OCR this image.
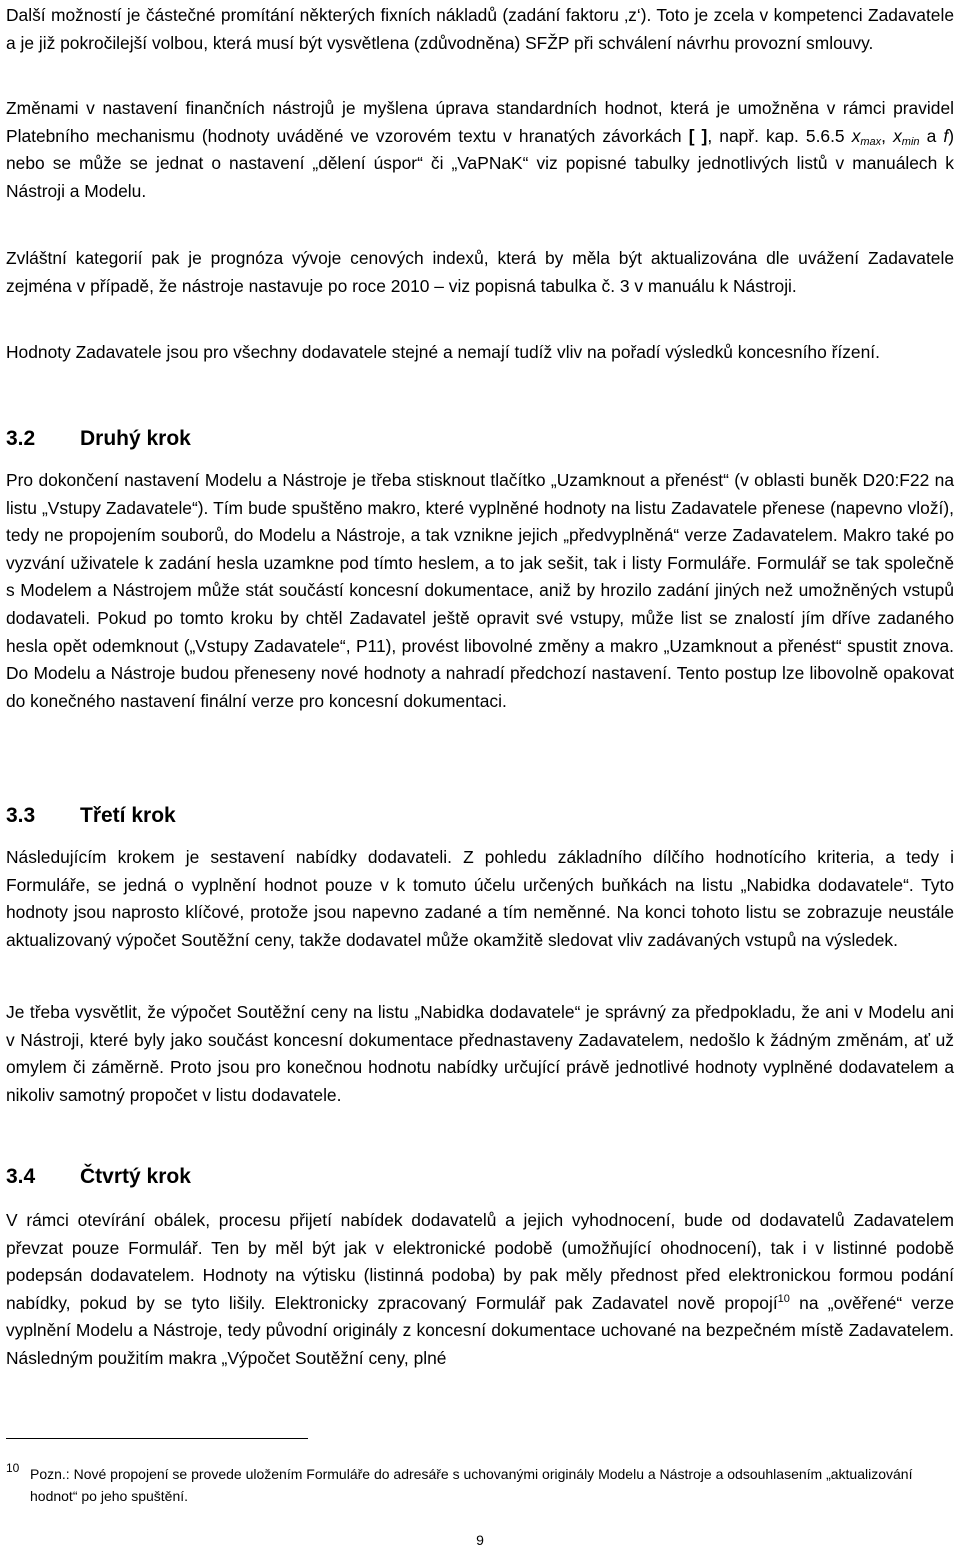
Další možností je částečné promítání některých fixních nákladů (zadání faktoru ‚z‘). Toto je zcela v kompetenci Zadavatele a je již pokročilejší volbou, která musí být vysvětlena (zdůvodněna) SFŽP při schválení návrhu provozní smlouvy.

Změnami v nastavení finančních nástrojů je myšlena úprava standardních hodnot, která je umožněna v rámci pravidel Platebního mechanismu (hodnoty uváděné ve vzorovém textu v hranatých závorkách [ ], např. kap. 5.6.5 $x_{max}$, $x_{min}$ a f) nebo se může se jednat o nastavení „dělení úspor“ či „VaPNaK“ viz popisné tabulky jednotlivých listů v manuálech k Nástroji a Modelu.

Zvláštní kategorií pak je prognóza vývoje cenových indexů, která by měla být aktualizována dle uvážení Zadavatele zejména v případě, že nástroje nastavuje po roce 2010 – viz popisná tabulka č. 3 v manuálu k Nástroji.

Hodnoty Zadavatele jsou pro všechny dodavatele stejné a nemají tudíž vliv na pořadí výsledků koncesního řízení.

3.2 Druhý krok

Pro dokončení nastavení Modelu a Nástroje je třeba stisknout tlačítko „Uzamknout a přenést“ (v oblasti buněk D20:F22 na listu „Vstupy Zadavatele“). Tím bude spuštěno makro, které vyplněné hodnoty na listu Zadavatele přenese (napevno vloží), tedy ne propojením souborů, do Modelu a Nástroje, a tak vznikne jejich „předvyplněná“ verze Zadavatelem. Makro také po vyzvání uživatele k zadání hesla uzamkne pod tímto heslem, a to jak sešit, tak i listy Formuláře. Formulář se tak společně s Modelem a Nástrojem může stát součástí koncesní dokumentace, aniž by hrozilo zadání jiných než umožněných vstupů dodavateli. Pokud po tomto kroku by chtěl Zadavatel ještě opravit své vstupy, může list se znalostí jím dříve zadaného hesla opět odemknout („Vstupy Zadavatele“, P11), provést libovolné změny a makro „Uzamknout a přenést“ spustit znova. Do Modelu a Nástroje budou přeneseny nové hodnoty a nahradí předchozí nastavení. Tento postup lze libovolně opakovat do konečného nastavení finální verze pro koncesní dokumentaci.

3.3 Třetí krok

Následujícím krokem je sestavení nabídky dodavateli. Z pohledu základního dílčího hodnotícího kriteria, a tedy i Formuláře, se jedná o vyplnění hodnot pouze v k tomuto účelu určených buňkách na listu „Nabidka dodavatele“. Tyto hodnoty jsou naprosto klíčové, protože jsou napevno zadané a tím neměnné. Na konci tohoto listu se zobrazuje neustále aktualizovaný výpočet Soutěžní ceny, takže dodavatel může okamžitě sledovat vliv zadávaných vstupů na výsledek.

Je třeba vysvětlit, že výpočet Soutěžní ceny na listu „Nabidka dodavatele“ je správný za předpokladu, že ani v Modelu ani v Nástroji, které byly jako součást koncesní dokumentace přednastaveny Zadavatelem, nedošlo k žádným změnám, ať už omylem či záměrně. Proto jsou pro konečnou hodnotu nabídky určující právě jednotlivé hodnoty vyplněné dodavatelem a nikoliv samotný propočet v listu dodavatele.

3.4 Čtvrtý krok

V rámci otevírání obálek, procesu přijetí nabídek dodavatelů a jejich vyhodnocení, bude od dodavatelů Zadavatelem převzat pouze Formulář. Ten by měl být jak v elektronické podobě (umožňující ohodnocení), tak i v listinné podobě podepsán dodavatelem. Hodnoty na výtisku (listinná podoba) by pak měly přednost před elektronickou formou podání nabídky, pokud by se tyto lišily. Elektronicky zpracovaný Formulář pak Zadavatel nově propojí$^{10}$ na „ověřené“ verze vyplnění Modelu a Nástroje, tedy původní originály z koncesní dokumentace uchované na bezpečném místě Zadavatelem. Následným použitím makra „Výpočet Soutěžní ceny, plné

10 Pozn.: Nové propojení se provede uložením Formuláře do adresáře s uchovanými originály Modelu a Nástroje a odsouhlasením „aktualizování hodnot“ po jeho spuštění.
9
